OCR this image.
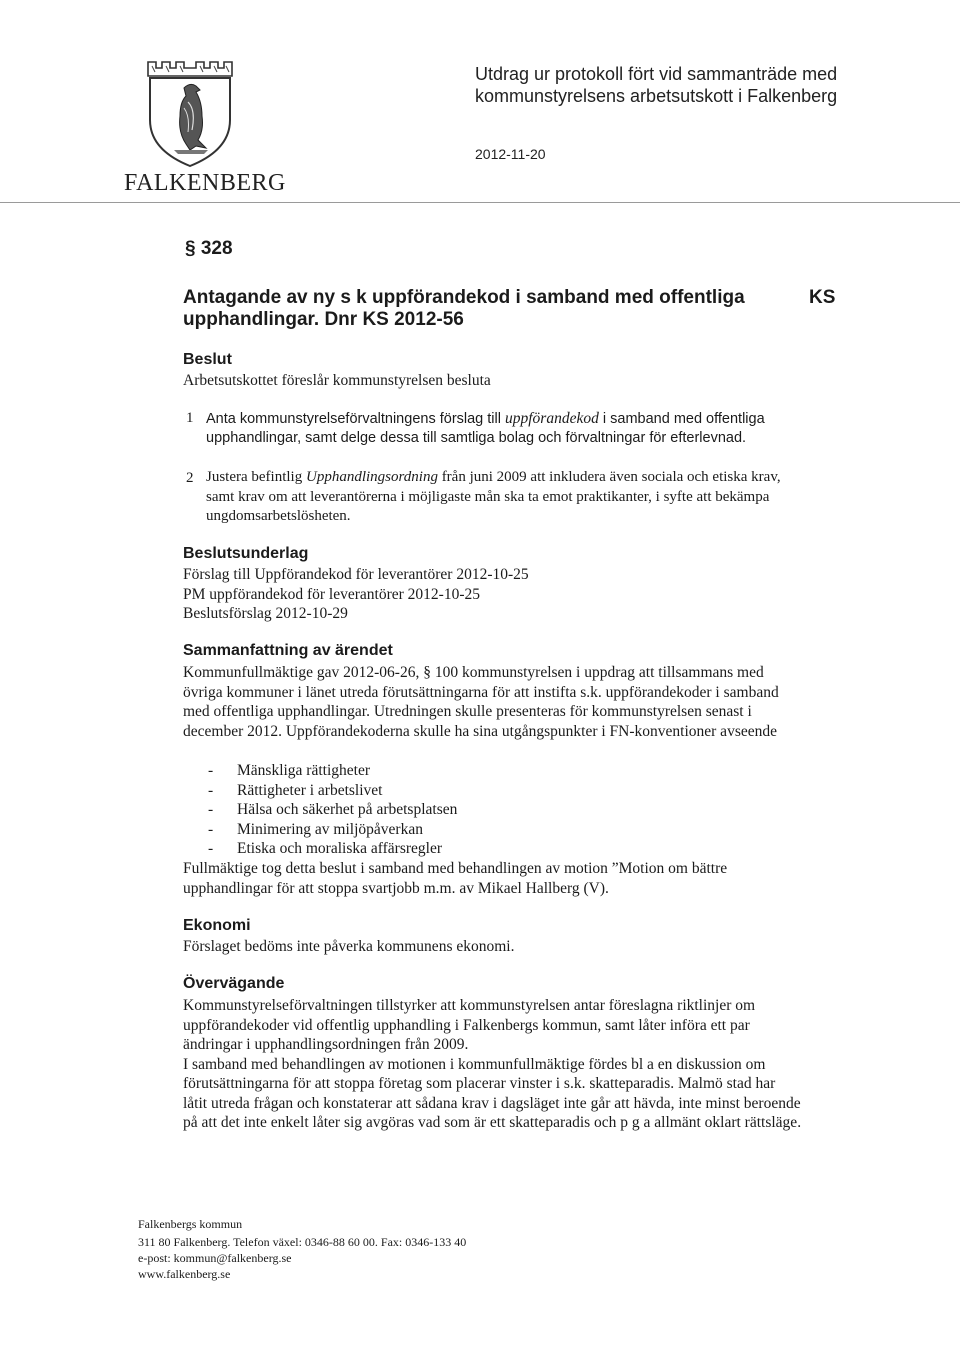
FALKENBERG
Utdrag ur protokoll fört vid sammanträde med
kommunstyrelsens arbetsutskott i Falkenberg
2012-11-20
§ 328
Antagande av ny s k uppförandekod i samband med offentliga
upphandlingar. Dnr KS 2012-56
KS
Beslut
Arbetsutskottet föreslår kommunstyrelsen besluta
1 Anta kommunstyrelseförvaltningens förslag till uppförandekod i samband med offentliga
upphandlingar, samt delge dessa till samtliga bolag och förvaltningar för efterlevnad.
2 Justera befintlig Upphandlingsordning från juni 2009 att inkludera även sociala och etiska krav,
samt krav om att leverantörerna i möjligaste mån ska ta emot praktikanter, i syfte att bekämpa
ungdomsarbetslösheten.
Beslutsunderlag
Förslag till Uppförandekod för leverantörer 2012-10-25
PM uppförandekod för leverantörer 2012-10-25
Beslutsförslag 2012-10-29
Sammanfattning av ärendet
Kommunfullmäktige gav 2012-06-26, § 100 kommunstyrelsen i uppdrag att tillsammans med
övriga kommuner i länet utreda förutsättningarna för att instifta s.k. uppförandekoder i samband
med offentliga upphandlingar. Utredningen skulle presenteras för kommunstyrelsen senast i
december 2012. Uppförandekoderna skulle ha sina utgångspunkter i FN-konventioner avseende
- Mänskliga rättigheter
- Rättigheter i arbetslivet
- Hälsa och säkerhet på arbetsplatsen
- Minimering av miljöpåverkan
- Etiska och moraliska affärsregler
Fullmäktige tog detta beslut i samband med behandlingen av motion ”Motion om bättre
upphandlingar för att stoppa svartjobb m.m. av Mikael Hallberg (V).
Ekonomi
Förslaget bedöms inte påverka kommunens ekonomi.
Övervägande
Kommunstyrelseförvaltningen tillstyrker att kommunstyrelsen antar föreslagna riktlinjer om
uppförandekoder vid offentlig upphandling i Falkenbergs kommun, samt låter införa ett par
ändringar i upphandlingsordningen från 2009.
I samband med behandlingen av motionen i kommunfullmäktige fördes bl a en diskussion om
förutsättningarna för att stoppa företag som placerar vinster i s.k. skatteparadis. Malmö stad har
låtit utreda frågan och konstaterar att sådana krav i dagsläget inte går att hävda, inte minst beroende
på att det inte enkelt låter sig avgöras vad som är ett skatteparadis och p g a allmänt oklart rättsläge.
Falkenbergs kommun
311 80 Falkenberg. Telefon växel: 0346-88 60 00. Fax: 0346-133 40
e-post: kommun@falkenberg.se
www.falkenberg.se
